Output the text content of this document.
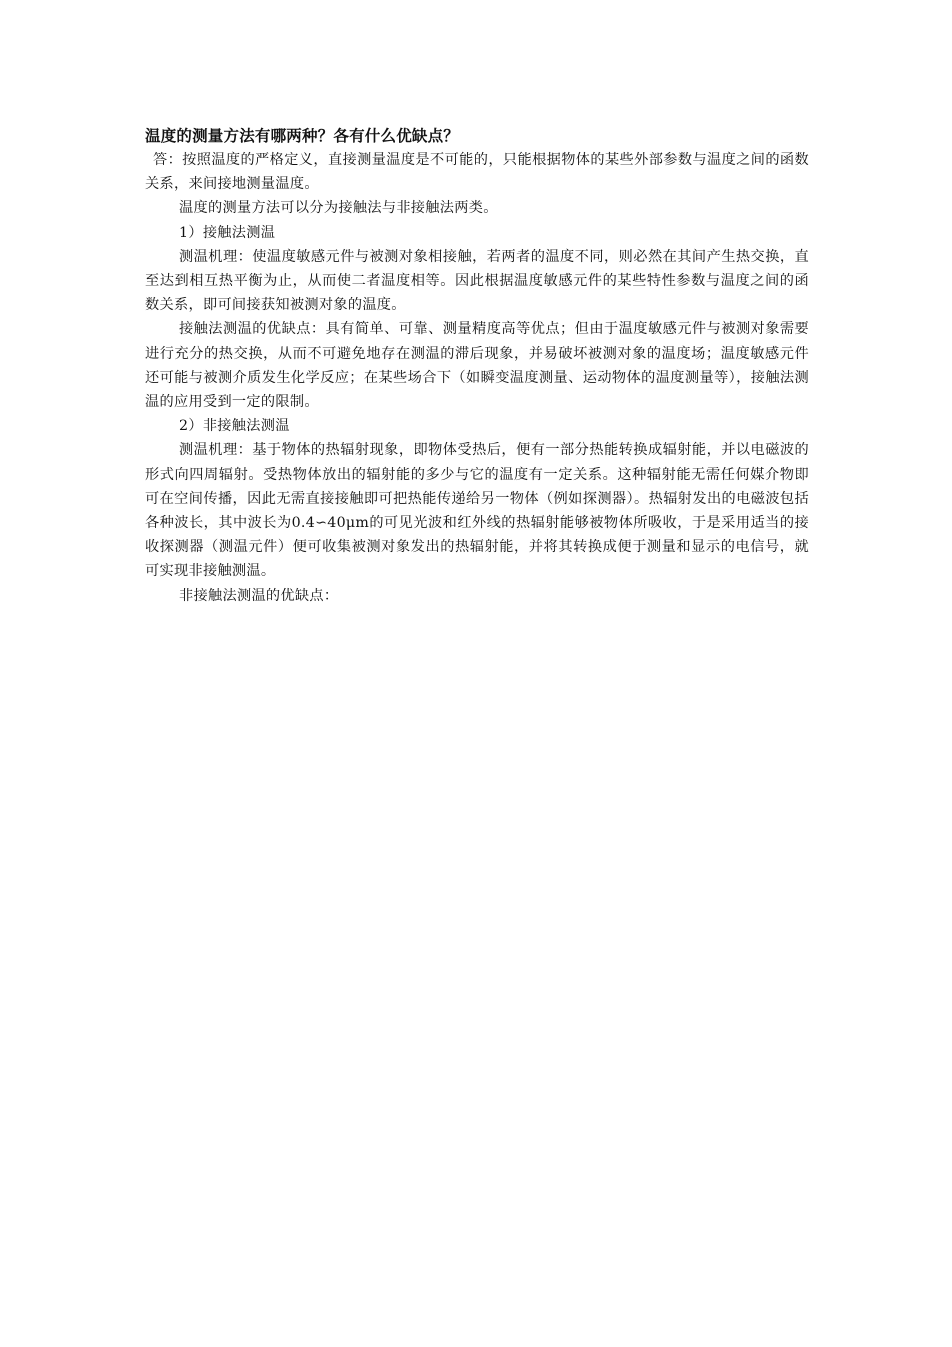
温度的测量方法有哪两种？各有什么优缺点？

答：按照温度的严格定义，直接测量温度是不可能的，只能根据物体的某些外部参数与温度之间的函数关系，来间接地测量温度。

温度的测量方法可以分为接触法与非接触法两类。

1）接触法测温

测温机理：使温度敏感元件与被测对象相接触，若两者的温度不同，则必然在其间产生热交换，直至达到相互热平衡为止，从而使二者温度相等。因此根据温度敏感元件的某些特性参数与温度之间的函数关系，即可间接获知被测对象的温度。

接触法测温的优缺点：具有简单、可靠、测量精度高等优点；但由于温度敏感元件与被测对象需要进行充分的热交换，从而不可避免地存在测温的滞后现象，并易破坏被测对象的温度场；温度敏感元件还可能与被测介质发生化学反应；在某些场合下（如瞬变温度测量、运动物体的温度测量等），接触法测温的应用受到一定的限制。

2）非接触法测温

测温机理：基于物体的热辐射现象，即物体受热后，便有一部分热能转换成辐射能，并以电磁波的形式向四周辐射。受热物体放出的辐射能的多少与它的温度有一定关系。这种辐射能无需任何媒介物即可在空间传播，因此无需直接接触即可把热能传递给另一物体（例如探测器）。热辐射发出的电磁波包括各种波长，其中波长为0.4∽40μm的可见光波和红外线的热辐射能够被物体所吸收，于是采用适当的接收探测器（测温元件）便可收集被测对象发出的热辐射能，并将其转换成便于测量和显示的电信号，就可实现非接触测温。

非接触法测温的优缺点：
